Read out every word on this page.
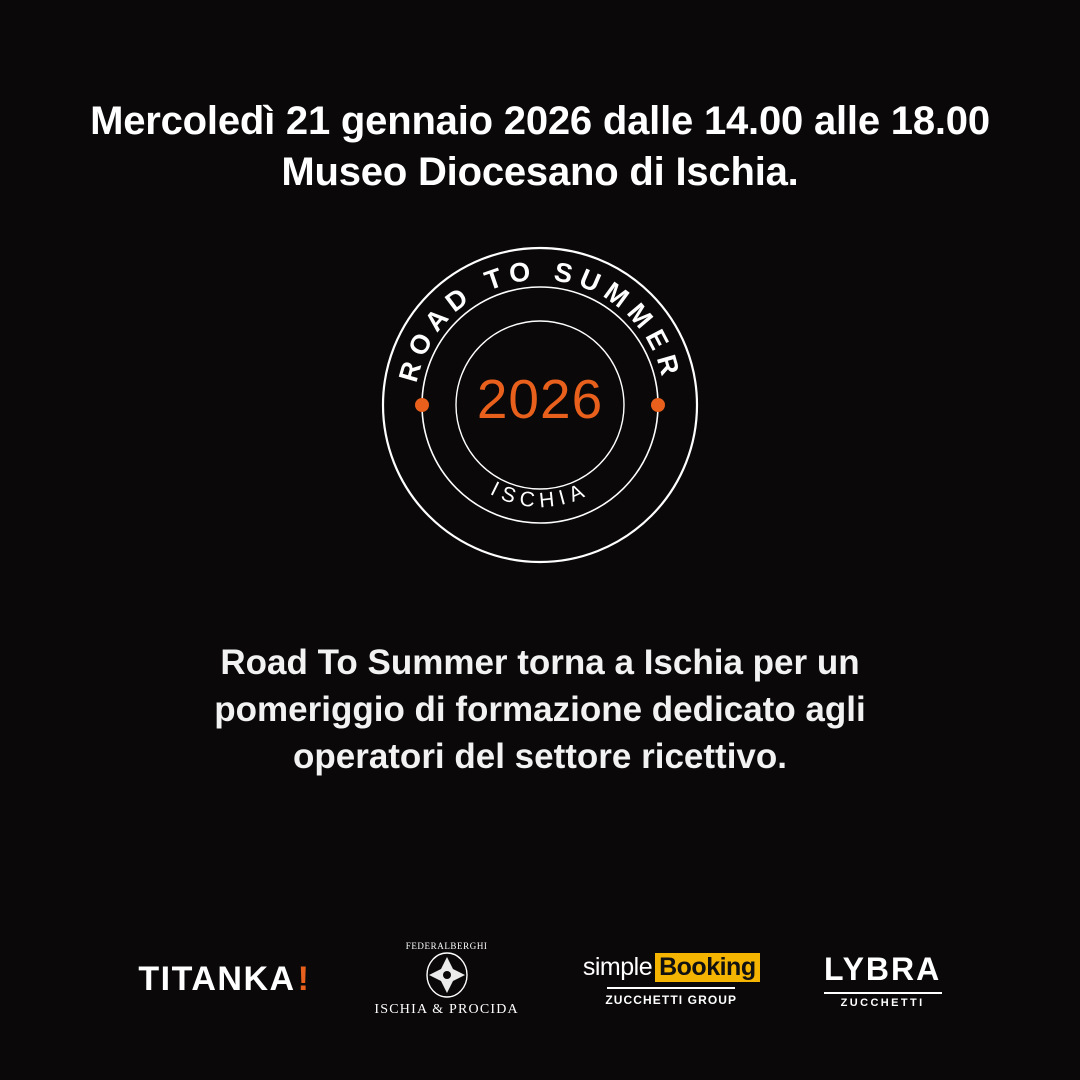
Mercoledì 21 gennaio 2026 dalle 14.00 alle 18.00
Museo Diocesano di Ischia.
ROAD TO SUMMER
ISCHIA
2026
Road To Summer torna a Ischia per un
pomeriggio di formazione dedicato agli
operatori del settore ricettivo.
TITANKA !
FEDERALBERGHI
ISCHIA & PROCIDA
simple Booking
ZUCCHETTI GROUP
LYBRA
ZUCCHETTI
